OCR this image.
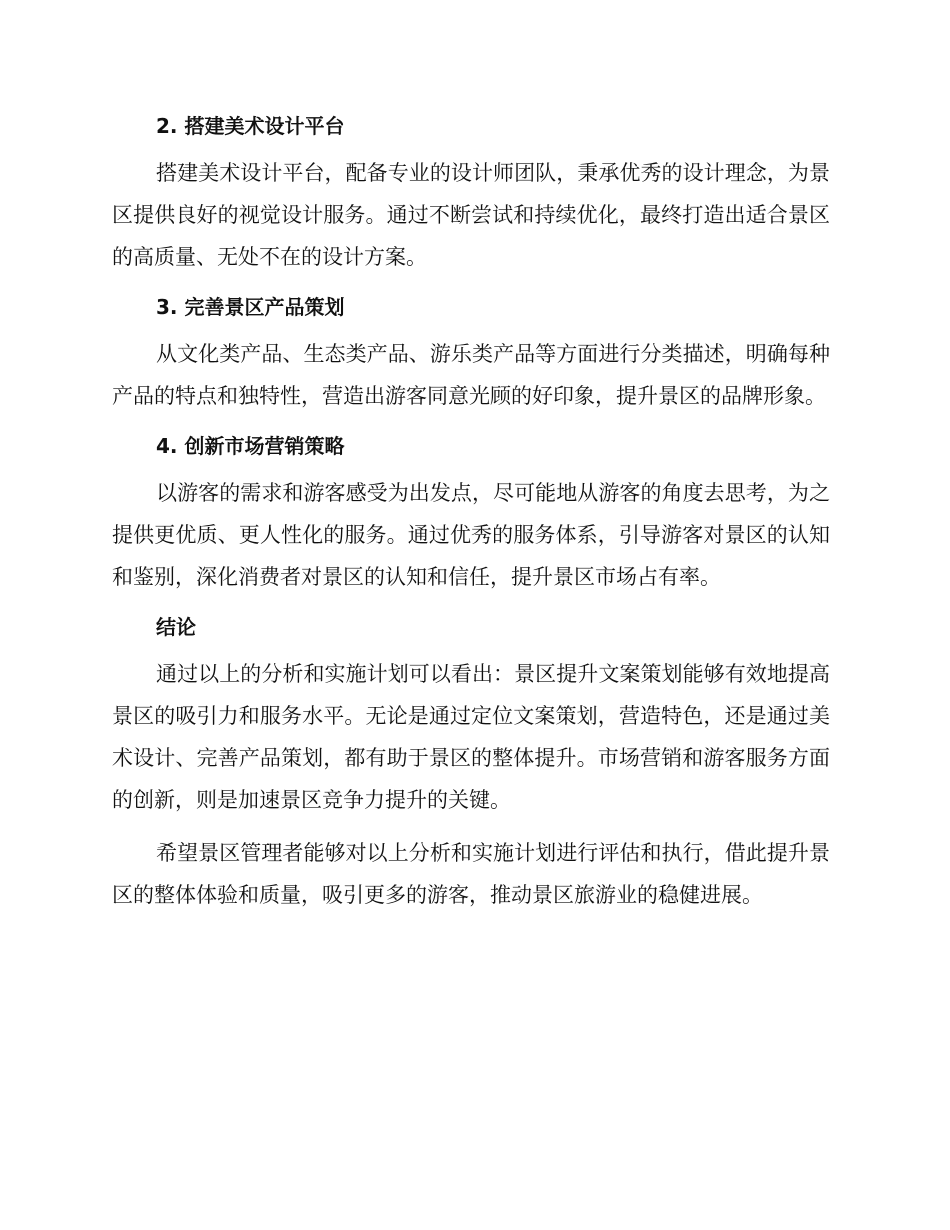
2. 搭建美术设计平台

搭建美术设计平台，配备专业的设计师团队，秉承优秀的设计理念，为景区提供良好的视觉设计服务。通过不断尝试和持续优化，最终打造出适合景区的高质量、无处不在的设计方案。

3. 完善景区产品策划

从文化类产品、生态类产品、游乐类产品等方面进行分类描述，明确每种产品的特点和独特性，营造出游客同意光顾的好印象，提升景区的品牌形象。

4. 创新市场营销策略

以游客的需求和游客感受为出发点，尽可能地从游客的角度去思考，为之提供更优质、更人性化的服务。通过优秀的服务体系，引导游客对景区的认知和鉴别，深化消费者对景区的认知和信任，提升景区市场占有率。

结论

通过以上的分析和实施计划可以看出：景区提升文案策划能够有效地提高景区的吸引力和服务水平。无论是通过定位文案策划，营造特色，还是通过美术设计、完善产品策划，都有助于景区的整体提升。市场营销和游客服务方面的创新，则是加速景区竞争力提升的关键。

希望景区管理者能够对以上分析和实施计划进行评估和执行，借此提升景区的整体体验和质量，吸引更多的游客，推动景区旅游业的稳健进展。
